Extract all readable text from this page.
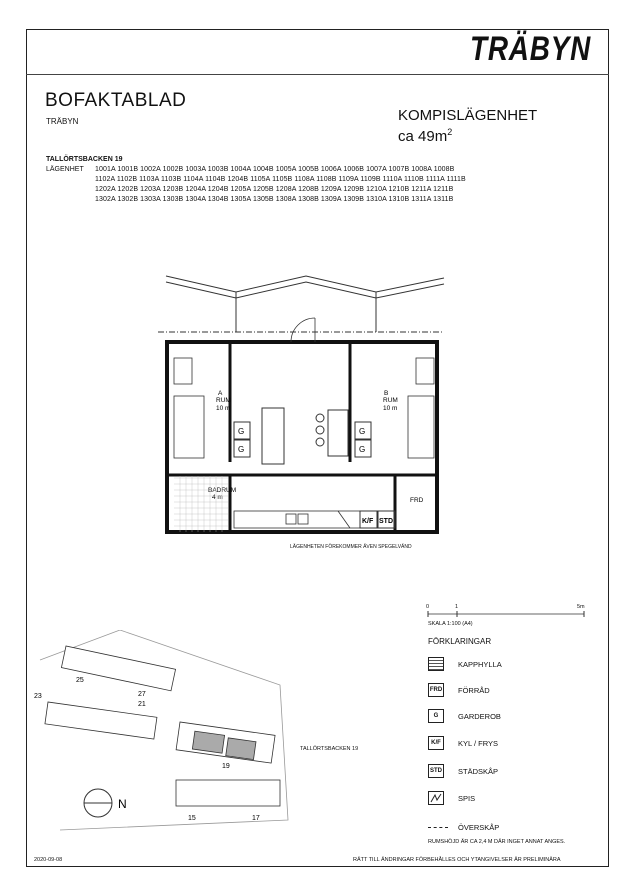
TRÄBYN
BOFAKTABLAD
TRÄBYN	KOMPISLÄGENHET
ca $49m^2$
TALLÖRTSBACKEN 19
LÄGENHET 1001A 1001B 1002A 1002B 1003A 1003B 1004A 1004B 1005A 1005B 1006A 1006B 1007A 1007B 1008A 1008B
1102A 1102B 1103A 1103B 1104A 1104B 1204B 1105A 1105B 1108A 1108B 1109A 1109B 1110A 1110B 1111A 1111B
1202A 1202B 1203A 1203B 1204A 1204B 1205A 1205B 1208A 1208B 1209A 1209B 1210A 1210B 1211A 1211B
1302A 1302B 1303A 1303B 1304A 1304B 1305A 1305B 1308A 1308B 1309A 1309B 1310A 1310B 1311A 1311B
G
G
G
G
A
RUM
10 m
B
RUM
10 m
BADRUM
4 m	FRD
K/F STD
LÄGENHETEN FÖREKOMMER ÄVEN SPEGELVÄND
0	1	5m
SKALA 1:100 (A4)
FÖRKLARINGAR
KAPPHYLLA
FRD FÖRRÅD
G	GARDEROB
K/F	KYL / FRYS
STD STÄDSKÅP
SPIS
ÖVERSKÅP
RUMSHÖJD ÄR CA 2,4 M DÄR INGET ANNAT ANGES.
25
27
23
21
19
15	17
N
TALLÖRTSBACKEN 19
2020-09-08	RÄTT TILL ÄNDRINGAR FÖRBEHÅLLES OCH YTANGIVELSER ÄR PRELIMINÄRA
